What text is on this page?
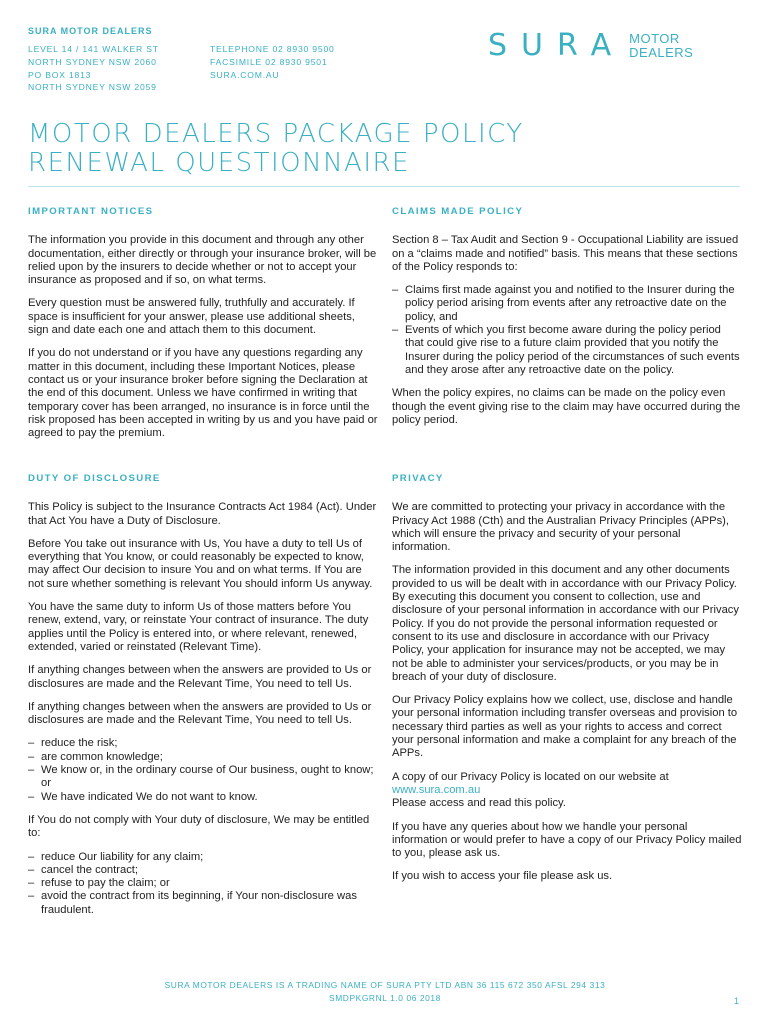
SURA MOTOR DEALERS
LEVEL 14 / 141 WALKER ST
NORTH SYDNEY NSW 2060
PO BOX 1813
NORTH SYDNEY NSW 2059
TELEPHONE 02 8930 9500
FACSIMILE 02 8930 9501
SURA.COM.AU
SURA MOTOR
DEALERS
MOTOR DEALERS PACKAGE POLICY
RENEWAL QUESTIONNAIRE
IMPORTANT NOTICES

The information you provide in this document and through any other documentation, either directly or through your insurance broker, will be relied upon by the insurers to decide whether or not to accept your insurance as proposed and if so, on what terms.

Every question must be answered fully, truthfully and accurately. If space is insufficient for your answer, please use additional sheets, sign and date each one and attach them to this document.

If you do not understand or if you have any questions regarding any matter in this document, including these Important Notices, please contact us or your insurance broker before signing the Declaration at the end of this document. Unless we have confirmed in writing that temporary cover has been arranged, no insurance is in force until the risk proposed has been accepted in writing by us and you have paid or agreed to pay the premium.

DUTY OF DISCLOSURE

This Policy is subject to the Insurance Contracts Act 1984 (Act). Under that Act You have a Duty of Disclosure.

Before You take out insurance with Us, You have a duty to tell Us of everything that You know, or could reasonably be expected to know, may affect Our decision to insure You and on what terms. If You are not sure whether something is relevant You should inform Us anyway.

You have the same duty to inform Us of those matters before You renew, extend, vary, or reinstate Your contract of insurance. The duty applies until the Policy is entered into, or where relevant, renewed, extended, varied or reinstated (Relevant Time).

If anything changes between when the answers are provided to Us or disclosures are made and the Relevant Time, You need to tell Us.

If anything changes between when the answers are provided to Us or disclosures are made and the Relevant Time, You need to tell Us.

– reduce the risk;
– are common knowledge;
– We know or, in the ordinary course of Our business, ought to know; or
– We have indicated We do not want to know.

If You do not comply with Your duty of disclosure, We may be entitled to:

– reduce Our liability for any claim;
– cancel the contract;
– refuse to pay the claim; or
– avoid the contract from its beginning, if Your non-disclosure was fraudulent.
CLAIMS MADE POLICY

Section 8 – Tax Audit and Section 9 - Occupational Liability are issued on a “claims made and notified” basis. This means that these sections of the Policy responds to:

– Claims first made against you and notified to the Insurer during the policy period arising from events after any retroactive date on the policy, and
– Events of which you first become aware during the policy period that could give rise to a future claim provided that you notify the Insurer during the policy period of the circumstances of such events and they arose after any retroactive date on the policy.

When the policy expires, no claims can be made on the policy even though the event giving rise to the claim may have occurred during the policy period.

PRIVACY

We are committed to protecting your privacy in accordance with the Privacy Act 1988 (Cth) and the Australian Privacy Principles (APPs), which will ensure the privacy and security of your personal information.

The information provided in this document and any other documents provided to us will be dealt with in accordance with our Privacy Policy. By executing this document you consent to collection, use and disclosure of your personal information in accordance with our Privacy Policy. If you do not provide the personal information requested or consent to its use and disclosure in accordance with our Privacy Policy, your application for insurance may not be accepted, we may not be able to administer your services/products, or you may be in breach of your duty of disclosure.

Our Privacy Policy explains how we collect, use, disclose and handle your personal information including transfer overseas and provision to necessary third parties as well as your rights to access and correct your personal information and make a complaint for any breach of the APPs.

A copy of our Privacy Policy is located on our website at
www.sura.com.au
Please access and read this policy.

If you have any queries about how we handle your personal information or would prefer to have a copy of our Privacy Policy mailed to you, please ask us.

If you wish to access your file please ask us.

SURA MOTOR DEALERS IS A TRADING NAME OF SURA PTY LTD ABN 36 115 672 350 AFSL 294 313
SMDPKGRNL 1.0 06 2018	1
